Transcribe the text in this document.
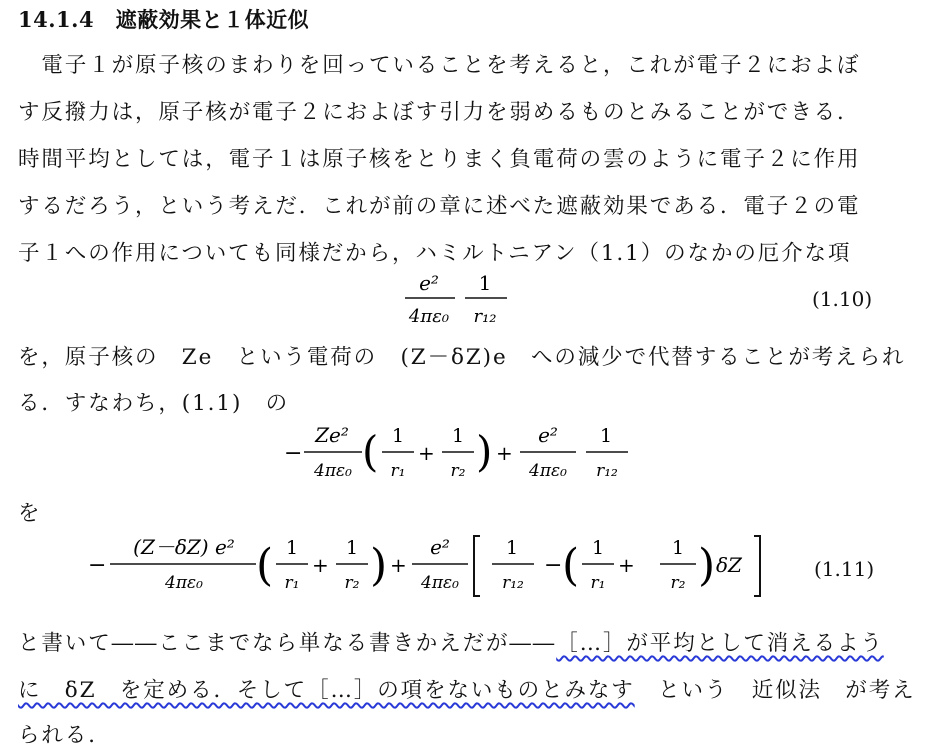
14.1.4　遮蔽効果と１体近似
　電子１が原子核のまわりを回っていることを考えると，これが電子２におよぼ
す反撥力は，原子核が電子２におよぼす引力を弱めるものとみることができる．
時間平均としては，電子１は原子核をとりまく負電荷の雲のように電子２に作用
するだろう，という考えだ．これが前の章に述べた遮蔽効果である．電子２の電
子１への作用についても同様だから，ハミルトニアン（1.1）のなかの厄介な項
e²
4πε₀
1
r₁₂
(1.10)
を，原子核の　Ze　という電荷の　(Z－δZ)e　への減少で代替することが考えられ
る．すなわち，(1.1)　の
−
Ze²
4πε₀ ( 1
r₁
+
1
r₂ ) +
e²
4πε₀
1
r₁₂
を
−
(Z－δZ) e²
4πε₀ ( 1
r₁
+
1
r₂ ) +
e²
4πε₀
1
r₁₂
− ( 1
r₁
+
1
r₂ ) δZ	(1.11)
と書いて――ここまでなら単なる書きかえだが――［…］が平均として消えるよう
に　δZ　を定める．そして［…］の項をないものとみなす　という　近似法　が考え
られる．
